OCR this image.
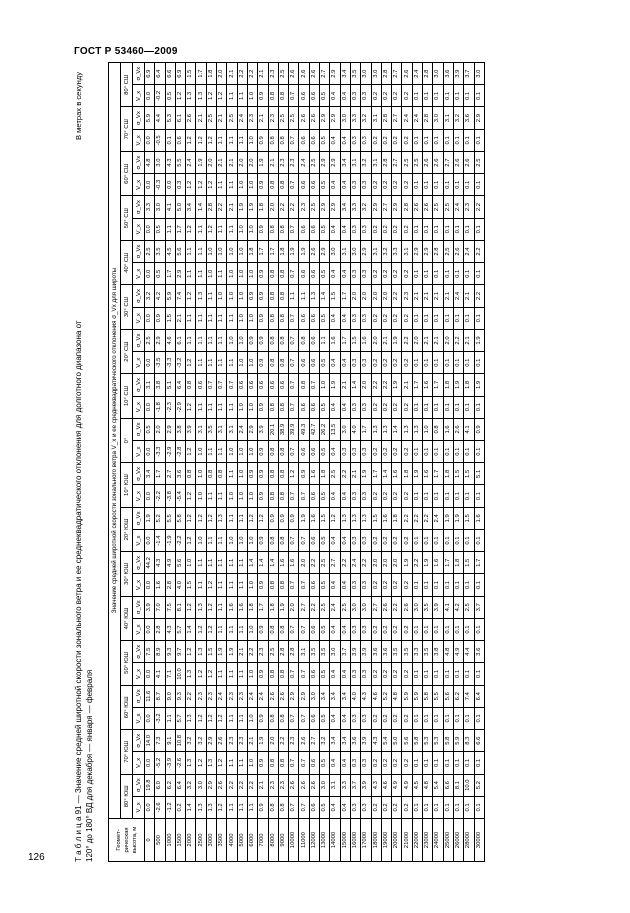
ГОСТ Р 53460—2009
126	Т а б л и ц а 91 — Значение средней широтной скорости зонального ветра и ее среднеквадратического отклонения для долготного диапазона от 120° до 180° ВД для декабря — января — февраля
В метрах в секунду
Геомет-рическая высота, м	Значение средней широтной скорости зонального ветра V_x и ее среднеквадратического отклонения σ_Vx для широты																																	
	80° ЮШ		70° ЮШ		60° ЮШ		50° ЮШ		40° ЮШ		30° ЮШ		20° ЮШ		10° ЮШ		0°		10° СШ		20° СШ		30° СШ		40° СШ		50° СШ		60° СШ		70° СШ		80° СШ	
	V_x	σ_Vx	V_x	σ_Vx	V_x	σ_Vx	V_x	σ_Vx	V_x	σ_Vx	V_x	σ_Vx	V_x	σ_Vx	V_x	σ_Vx	V_x	σ_Vx	V_x	σ_Vx	V_x	σ_Vx	V_x	σ_Vx	V_x	σ_Vx	V_x	σ_Vx	V_x	σ_Vx	V_x	σ_Vx	V_x	σ_Vx
0	0.0	19.8	0.0	14.0	0.0	11.6	0.0	7.5	0.0	3.9	0.0	44.2	0.0	1.9	0.0	3.4	0.0	0.5	0.0	3.1	0.0	2.5	0.0	3.2	0.0	2.5	0.0	3.3	0.0	4.8	0.0	5.9	0.0	6.9
500	-2.6	6.0	-5.2	7.3	-3.2	8.7	4.1	8.9	2.8	7.0	1.6	4.3	-1.4	5.2	-2.2	1.7	-3.3	2.0	-1.8	3.8	-3.5	2.9	0.9	4.2	0.5	3.5	0.5	3.0	-0.3	3.0	-0.5	4.4	-0.2	6.4
1000	-1.2	6.2	-3.9	9.1	1.1	9.0	7.1	9.3	4.3	7.5	2.8	4.9	-1.9	5.5	-3.8	2.7	-2.9	2.9	-2.3	5.1	-3.3	4.6	1.5	5.9	1.7	4.5	1.1	4.1	0.0	4.3	0.1	5.3	0.5	6.6
1500	0.2	6.4	-2.6	10.8	5.7	9.3	10.0	9.7	5.7	8.1	4.0	5.6	-2.2	5.8	-5.4	3.6	-2.8	3.8	-2.9	6.4	-3.2	6.1	2.1	7.4	2.9	5.6	1.7	5.0	0.3	5.5	0.6	6.1	1.2	6.9
2000	1.4	3.2	1.3	3.2	1.3	2.2	1.3	1.2	1.4	1.2	1.5	1.0	1.2	1.2	1.2	0.8	1.2	3.9	1.2	0.8	1.2	1.1	1.1	1.2	1.1	1.1	1.2	3.4	1.2	2.4	1.2	2.6	1.3	1.5
2500	1.3	3.0	1.2	3.2	1.2	2.3	1.2	1.3	1.2	1.3	1.1	1.1	1.0	1.2	1.0	1.0	1.0	3.1	1.1	0.6	1.1	1.1	1.1	1.3	1.1	1.1	1.1	1.4	1.2	1.9	1.2	2.1	1.3	1.7
3000	1.3	2.9	1.3	2.9	1.2	2.3	1.2	1.5	1.2	1.2	1.2	1.1	1.1	1.2	1.1	0.8	1.1	3.5	1.1	0.7	1.1	1.1	1.1	1.1	1.0	1.0	1.2	2.8	1.2	2.0	1.2	2.5	1.2	1.8
3500	1.2	2.6	1.2	2.6	1.2	2.4	1.1	1.9	1.1	1.1	1.1	1.1	1.1	1.3	1.1	0.8	1.1	3.1	1.1	0.7	1.1	1.1	1.1	1.0	1.1	1.0	1.1	2.2	1.1	2.1	1.1	2.1	1.2	2.0
4000	1.1	2.2	1.1	2.3	1.1	2.3	1.1	1.9	1.1	1.6	1.1	1.1	1.0	1.1	1.0	1.1	1.0	3.1	1.1	0.7	1.1	1.0	1.1	1.0	1.0	1.0	1.1	2.1	1.1	2.1	1.1	2.5	1.1	2.1
5000	1.1	2.2	1.1	2.3	1.1	2.3	1.1	2.1	1.1	1.6	1.1	1.1	1.0	1.1	1.0	1.0	1.0	2.4	1.0	0.6	1.0	1.0	1.0	1.0	1.0	1.0	1.0	1.9	1.0	2.0	1.1	2.4	1.1	2.2
6000	1.1	2.2	1.0	2.1	1.0	2.4	1.0	2.2	1.0	1.8	1.0	1.4	1.0	1.2	1.0	0.9	1.0	2.9	1.0	0.6	1.0	0.9	1.0	0.9	1.0	1.8	1.0	1.9	1.0	2.0	1.0	2.3	1.0	2.2
7000	0.9	2.1	0.9	1.9	0.9	2.4	0.9	2.3	0.9	1.7	0.9	1.4	0.9	1.2	0.9	0.9	0.9	3.9	0.9	0.6	0.9	0.9	0.9	0.9	0.9	1.7	0.9	1.8	0.9	1.9	0.9	2.1	0.9	2.1
8000	0.8	2.3	0.8	2.0	0.8	2.6	0.8	2.5	0.8	1.8	0.8	1.4	0.8	0.9	0.8	0.8	0.8	20.1	0.8	0.6	0.8	0.8	0.8	0.8	0.8	1.7	0.8	2.0	0.8	2.1	0.8	2.3	0.8	2.3
9000	0.8	2.3	0.8	2.2	0.8	2.6	0.8	2.8	0.8	1.9	0.8	1.6	0.8	0.9	0.8	0.8	0.8	38.9	0.8	0.6	0.8	0.8	0.8	0.8	0.8	1.8	0.8	2.2	0.8	2.3	0.8	2.5	0.8	2.5
10000	0.7	2.6	0.7	2.3	0.7	2.9	0.7	2.8	0.7	2.0	0.7	1.6	0.7	0.9	0.7	1.2	0.7	39.9	0.7	0.7	0.7	0.7	0.7	1.1	0.7	1.9	0.7	2.2	0.7	2.3	0.7	2.5	0.7	2.6
11000	0.7	2.6	0.7	2.6	0.7	2.9	0.7	3.1	0.7	2.7	0.7	2.0	0.7	1.9	0.7	0.9	0.6	49.3	0.6	0.8	0.6	0.8	0.6	1.1	0.6	1.9	0.6	2.3	0.6	2.4	0.6	2.6	0.6	2.6
12000	0.6	2.6	0.6	2.7	0.6	3.0	0.6	3.5	0.6	2.2	0.6	2.2	0.6	1.6	0.6	1.6	0.6	42.7	0.6	0.7	0.6	0.6	0.6	1.3	0.6	2.6	0.6	2.5	0.6	2.5	0.6	2.6	0.6	2.6
13000	0.5	3.0	0.5	3.2	0.5	3.4	0.5	3.5	0.5	2.5	0.5	2.5	0.5	1.5	0.5	1.8	0.5	26.2	0.5	1.0	0.5	1.1	0.5	1.4	0.5	2.9	0.5	2.9	0.5	2.9	0.5	2.9	0.5	2.7
14000	0.4	3.1	0.4	3.4	0.4	3.4	0.4	3.0	0.4	2.4	0.4	2.7	0.4	1.2	0.4	2.5	0.4	13.5	0.4	1.9	0.4	1.6	0.4	1.5	0.4	3.0	0.4	2.9	0.4	2.9	0.4	2.9	0.4	2.9
15000	0.4	3.3	0.4	3.4	0.4	3.4	0.4	3.7	0.4	2.5	0.4	2.2	0.4	1.3	0.4	2.2	0.3	3.0	0.4	2.1	0.4	1.7	0.4	1.7	0.4	3.1	0.4	3.4	0.4	3.4	0.4	3.0	0.4	3.4
16000	0.3	3.7	0.3	3.6	0.3	4.0	0.3	3.9	0.3	3.0	0.3	2.4	0.3	1.3	0.3	2.1	0.3	4.0	0.3	1.4	0.3	1.5	0.3	2.0	0.3	3.0	0.3	3.3	0.3	3.1	0.3	3.3	0.3	3.5
17000	0.3	3.9	0.3	3.9	0.3	4.3	0.3	3.9	0.3	3.0	0.3	2.2	0.3	1.3	0.3	1.9	0.3	1.7	0.3	2.0	0.3	1.6	0.3	2.0	0.3	2.9	0.3	3.2	0.3	3.2	0.3	3.2	0.3	3.0
18000	0.2	4.3	0.2	4.3	0.2	4.6	0.2	3.6	0.2	2.7	0.2	2.0	0.2	1.5	0.2	1.7	0.2	1.3	0.2	2.2	0.2	2.0	0.2	2.0	0.2	3.1	0.2	2.9	0.2	3.1	0.2	3.1	0.2	3.0
19000	0.2	4.6	0.2	5.4	0.2	5.2	0.2	3.6	0.2	2.6	0.2	2.0	0.2	1.6	0.2	1.4	0.2	1.3	0.2	2.2	0.2	2.1	0.2	2.0	0.2	3.2	0.2	2.7	0.2	2.8	0.2	2.8	0.2	2.8
20000	0.2	4.9	0.2	5.0	0.2	4.8	0.2	3.5	0.2	2.2	0.2	2.0	0.2	1.8	0.2	1.6	0.2	1.4	0.2	1.9	0.2	1.9	0.2	2.2	0.2	3.3	0.2	2.9	0.2	2.7	0.2	2.7	0.2	2.7
21000	0.2	4.9	0.2	5.6	0.2	5.9	0.2	3.5	0.2	2.6	0.2	1.9	0.2	2.2	0.2	1.8	0.2	1.3	0.2	2.1	0.2	2.2	0.2	2.3	0.2	3.1	0.2	2.8	0.2	2.5	0.2	2.4	0.2	2.6
22000	0.1	4.5	0.1	5.8	0.1	5.9	0.1	3.3	0.1	3.0	0.1	2.2	0.1	2.2	0.1	1.9	0.1	1.3	0.1	1.7	0.1	2.0	0.1	2.1	0.1	2.9	0.1	2.6	0.1	2.5	0.1	2.4	0.1	2.4
23000	0.1	4.8	0.1	5.3	0.1	5.8	0.1	3.5	0.1	3.5	0.1	1.9	0.1	2.2	0.1	1.6	0.1	1.0	0.1	1.6	0.1	2.1	0.1	2.1	0.1	2.9	0.1	2.6	0.1	2.6	0.1	2.8	0.1	2.8
24000	0.1	5.4	0.1	5.3	0.1	5.5	0.1	3.8	0.1	3.9	0.1	1.6	0.1	2.4	0.1	1.7	0.1	0.8	0.1	1.7	0.1	2.1	0.1	2.1	0.1	2.8	0.1	2.5	0.1	2.6	0.1	3.0	0.1	3.0
25000	0.1	6.6	0.1	5.8	0.1	5.6	0.1	4.8	0.1	4.1	0.1	1.7	0.1	1.9	0.1	1.8	0.1	1.6	0.1	1.8	0.1	2.0	0.1	2.1	0.1	2.5	0.1	2.5	0.1	2.7	0.1	3.1	0.1	3.6
26000	0.1	8.1	0.1	5.9	0.1	6.2	0.1	4.9	0.1	4.2	0.1	1.8	0.1	1.9	0.1	1.5	0.1	2.6	0.1	1.9	0.1	2.2	0.1	2.4	0.1	2.6	0.1	2.4	0.1	2.6	0.1	3.2	0.1	3.9
28000	0.1	10.0	0.1	8.3	0.1	7.4	0.1	4.4	0.1	2.5	0.1	1.5	0.1	1.5	0.1	1.5	0.1	4.1	0.1	1.8	0.1	2.1	0.1	2.1	0.1	2.4	0.1	2.3	0.1	2.6	0.1	3.6	0.1	3.7
30000	0.1	5.2	0.1	6.6	0.1	6.4	0.1	3.6	0.1	3.7	0.1	1.7	0.1	1.6	0.1	5.1	0.1	0.9	0.1	1.9	0.1	1.9	0.1	2.2	0.1	2.2	0.1	2.2	0.1	2.5	0.1	2.9	0.1	3.0
